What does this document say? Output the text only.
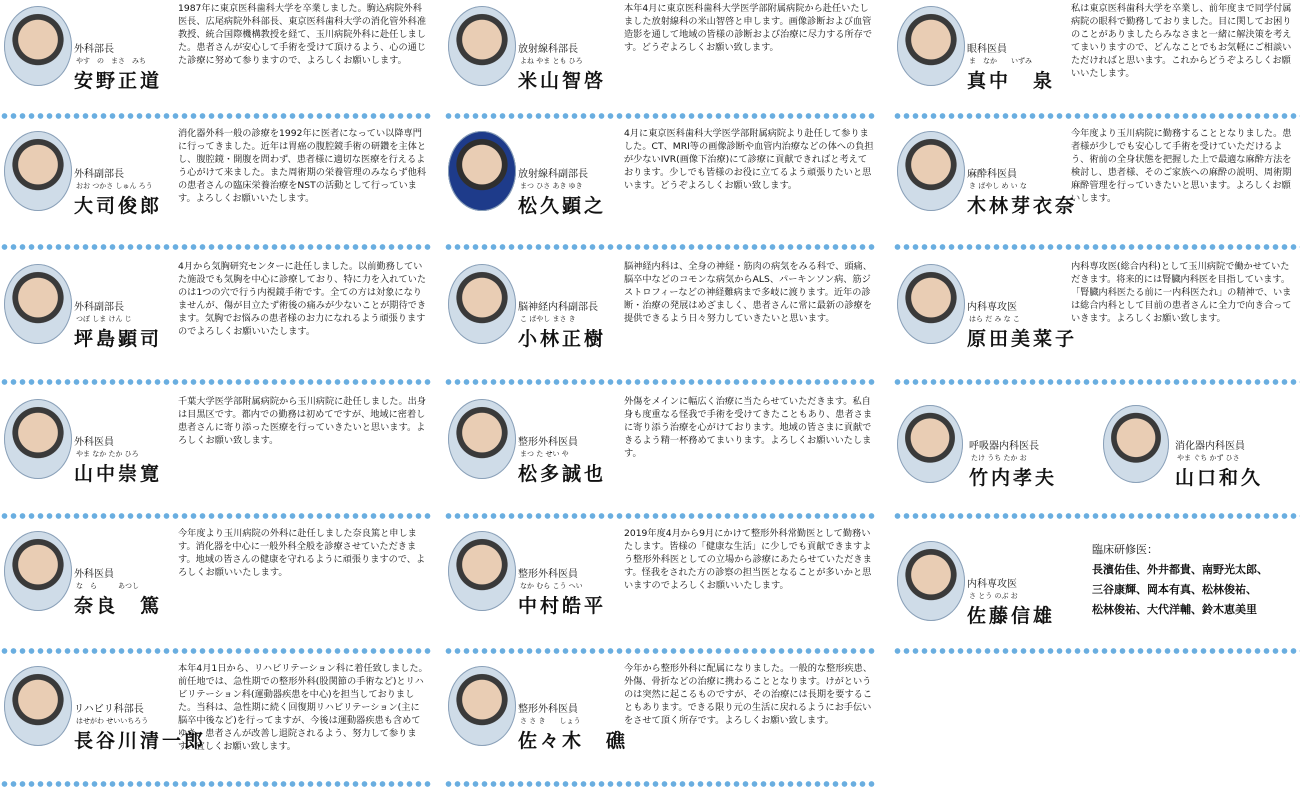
外科部長
やす　の　まさ　みち
安野正道
1987年に東京医科歯科大学を卒業しました。駒込病院外科医長、広尾病院外科部長、東京医科歯科大学の消化管外科准教授、統合国際機構教授を経て、玉川病院外科に赴任しました。患者さんが安心して手術を受けて頂けるよう、心の通じた診療に努めて参りますので、よろしくお願いします。
外科副部長
おお つかさ しゅん ろう
大司俊郎
消化器外科一般の診療を1992年に医者になってい以降専門に行ってきました。近年は胃癌の腹腔鏡手術の研鑽を主体とし、腹腔鏡・開腹を問わず、患者様に適切な医療を行えるよう心がけて来ました。また周術期の栄養管理のみならず他科の患者さんの臨床栄養治療をNSTの活動として行っています。よろしくお願いいたします。
外科副部長
つぼ しま けん じ
坪島顕司
4月から気胸研究センターに赴任しました。以前勤務していた施設でも気胸を中心に診療しており、特に力を入れていたのは1つの穴で行う内視鏡手術です。全ての方は対象になりませんが、傷が目立たず術後の痛みが少ないことが期待できます。気胸でお悩みの患者様のお力になれるよう頑張りますのでよろしくお願いいたします。
外科医員
やま なか たか ひろ
山中崇寛
千葉大学医学部附属病院から玉川病院に赴任しました。出身は目黒区です。都内での勤務は初めてですが、地域に密着し患者さんに寄り添った医療を行っていきたいと思います。よろしくお願い致します。
外科医員
な　ら　　　あつし
奈良　篤
今年度より玉川病院の外科に赴任しました奈良篤と申します。消化器を中心に一般外科全般を診療させていただきます。地域の皆さんの健康を守れるように頑張りますので、よろしくお願いいたします。
リハビリ科部長
はせがわ せいいちろう
長谷川清一郎
本年4月1日から、リハビリテーション科に着任致しました。前任地では、急性期での整形外科(股関節の手術など)とリハビリテーション科(運動器疾患を中心)を担当しておりました。当科は、急性期に続く回復期リハビリテーション(主に脳卒中後など)を行ってますが、今後は運動器疾患も含めてゆき、患者さんが改善し退院されるよう、努力して参ります。宜しくお願い致します。
放射線科部長
よね やま とも ひろ
米山智啓
本年4月に東京医科歯科大学医学部附属病院から赴任いたしました放射線科の米山智啓と申します。画像診断および血管造影を通して地域の皆様の診断および治療に尽力する所存です。どうぞよろしくお願い致します。
放射線科副部長
まつ ひさ あき ゆき
松久顕之
4月に東京医科歯科大学医学部附属病院より赴任して参りました。CT、MRI等の画像診断や血管内治療などの体への負担が少ないIVR(画像下治療)にて診療に貢献できればと考えております。少しでも皆様のお役に立てるよう頑張りたいと思います。どうぞよろしくお願い致します。
脳神経内科副部長
こ ばやし まさ き
小林正樹
脳神経内科は、全身の神経・筋肉の病気をみる科で、頭痛、脳卒中などのコモンな病気からALS、パーキンソン病、筋ジストロフィーなどの神経難病まで多岐に渡ります。近年の診断・治療の発展はめざましく、患者さんに常に最新の診療を提供できるよう日々努力していきたいと思います。
整形外科医員
まつ た せい や
松多誠也
外傷をメインに幅広く治療に当たらせていただきます。私自身も度重なる怪我で手術を受けてきたこともあり、患者さまに寄り添う治療を心がけております。地域の皆さまに貢献できるよう精一杯務めてまいります。よろしくお願いいたします。
整形外科医員
なか むら こう へい
中村皓平
2019年度4月から9月にかけて整形外科常勤医として勤務いたします。皆様の「健康な生活」に少しでも貢献できますよう整形外科医としての立場から診療にあたらせていただきます。怪我をされた方の診察の担当医となることが多いかと思いますのでよろしくお願いいたします。
整形外科医員
さ さ き　　しょう
佐々木　礁
今年から整形外科に配属になりました。一般的な整形疾患、外傷、骨折などの治療に携わることとなります。けがというのは突然に起こるものですが、その治療には長期を要することもあります。できる限り元の生活に戻れるようにお手伝いをさせて頂く所存です。よろしくお願い致します。
眼科医員
ま　なか　　いずみ
真中　泉
私は東京医科歯科大学を卒業し、前年度まで同学付属病院の眼科で勤務しておりました。目に関してお困りのことがありましたらみなさまと一緒に解決策を考えてまいりますので、どんなことでもお気軽にご相談いただければと思います。これからどうぞよろしくお願いいたします。
麻酔科医員
き ばやし め い な
木林芽衣奈
今年度より玉川病院に勤務することとなりました。患者様が少しでも安心して手術を受けていただけるよう、術前の全身状態を把握した上で最適な麻酔方法を検討し、患者様、そのご家族への麻酔の説明、周術期麻酔管理を行っていきたいと思います。よろしくお願いします。
内科専攻医
はら だ み な こ
原田美菜子
内科専攻医(総合内科)として玉川病院で働かせていただきます。将来的には腎臓内科医を目指しています。「腎臓内科医たる前に一内科医たれ」の精神で、いまは総合内科として目前の患者さんに全力で向き合っていきます。よろしくお願い致します。
呼吸器内科医長
たけ うち たか お
竹内孝夫
消化器内科医員
やま ぐち かず ひさ
山口和久
内科専攻医
さ とう のぶ お
佐藤信雄
臨床研修医：
長濱佑佳、外井都貴、南野光太郎、
三谷康輝、岡本有真、松林俊祐、
松林俊祐、大代洋輔、鈴木恵美里
